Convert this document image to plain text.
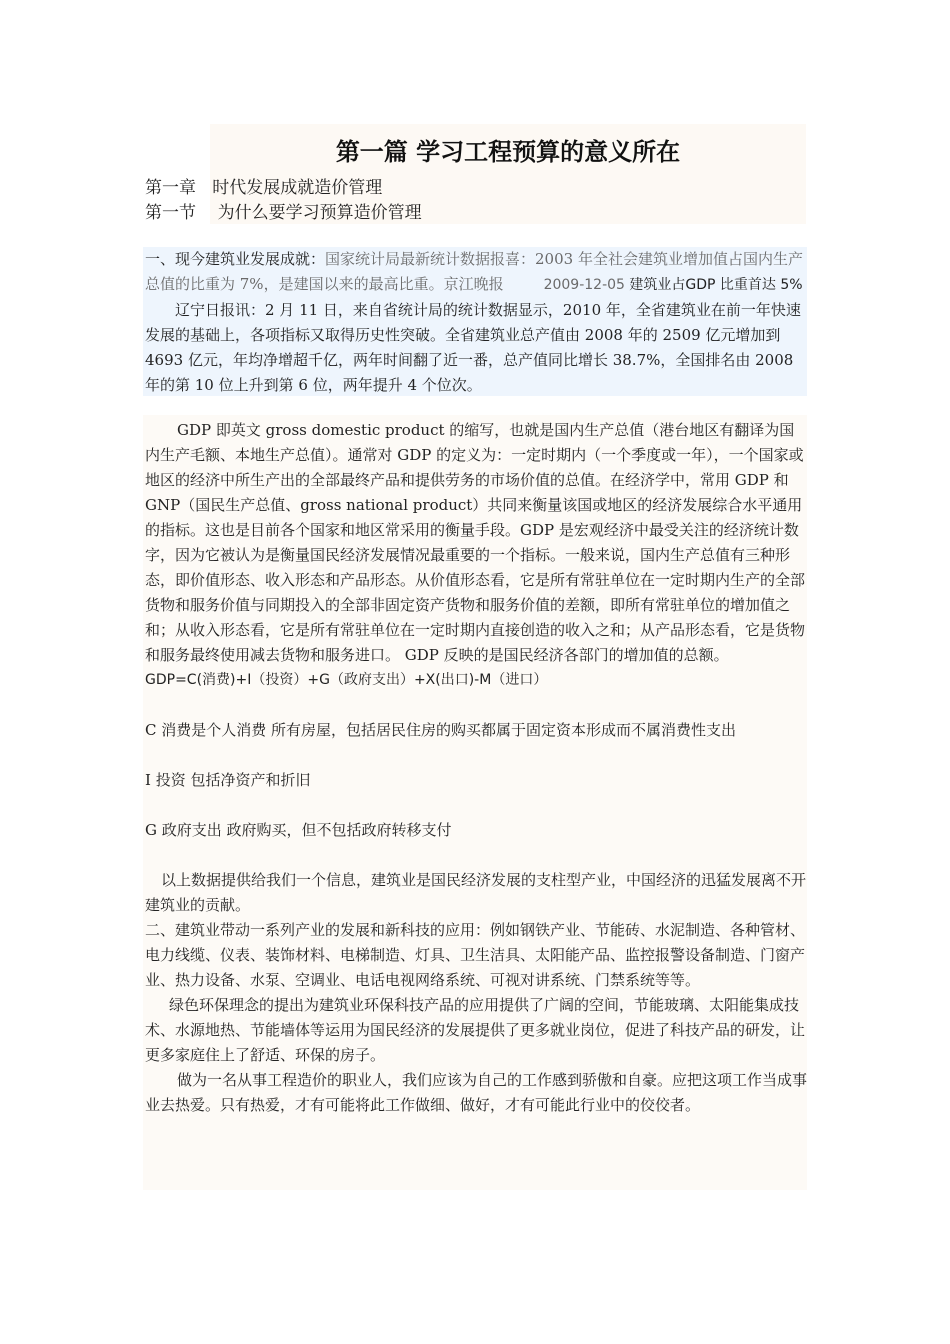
第一篇 学习工程预算的意义所在
第一章   时代发展成就造价管理
第一节    为什么要学习预算造价管理
一、现今建筑业发展成就：国家统计局最新统计数据报喜：2003 年全社会建筑业增加值占国内生产总值的比重为 7%，是建国以来的最高比重。京江晚报	2009-12-05 建筑业占GDP 比重首达 5%辽宁日报讯：2 月 11 日，来自省统计局的统计数据显示，2010 年，全省建筑业在前一年快速发展的基础上，各项指标又取得历史性突破。全省建筑业总产值由 2008 年的 2509 亿元增加到 4693 亿元，年均净增超千亿，两年时间翻了近一番，总产值同比增长 38.7%，全国排名由 2008 年的第 10 位上升到第 6 位，两年提升 4 个位次。

GDP 即英文 gross domestic product 的缩写，也就是国内生产总值（港台地区有翻译为国内生产毛额、本地生产总值）。通常对 GDP 的定义为：一定时期内（一个季度或一年），一个国家或地区的经济中所生产出的全部最终产品和提供劳务的市场价值的总值。在经济学中，常用 GDP 和 GNP（国民生产总值、gross national product）共同来衡量该国或地区的经济发展综合水平通用的指标。这也是目前各个国家和地区常采用的衡量手段。GDP 是宏观经济中最受关注的经济统计数字，因为它被认为是衡量国民经济发展情况最重要的一个指标。一般来说，国内生产总值有三种形态，即价值形态、收入形态和产品形态。从价值形态看，它是所有常驻单位在一定时期内生产的全部货物和服务价值与同期投入的全部非固定资产货物和服务价值的差额，即所有常驻单位的增加值之和；从收入形态看，它是所有常驻单位在一定时期内直接创造的收入之和；从产品形态看，它是货物和服务最终使用减去货物和服务进口。 GDP 反映的是国民经济各部门的增加值的总额。

GDP=C(消费)+I（投资）+G（政府支出）+X(出口)-M（进口）

C 消费是个人消费 所有房屋，包括居民住房的购买都属于固定资本形成而不属消费性支出

I 投资 包括净资产和折旧

G 政府支出 政府购买，但不包括政府转移支付

以上数据提供给我们一个信息，建筑业是国民经济发展的支柱型产业，中国经济的迅猛发展离不开建筑业的贡献。

二、建筑业带动一系列产业的发展和新科技的应用：例如钢铁产业、节能砖、水泥制造、各种管材、电力线缆、仪表、装饰材料、电梯制造、灯具、卫生洁具、太阳能产品、监控报警设备制造、门窗产业、热力设备、水泵、空调业、电话电视网络系统、可视对讲系统、门禁系统等等。

绿色环保理念的提出为建筑业环保科技产品的应用提供了广阔的空间，节能玻璃、太阳能集成技术、水源地热、节能墙体等运用为国民经济的发展提供了更多就业岗位，促进了科技产品的研发，让更多家庭住上了舒适、环保的房子。

做为一名从事工程造价的职业人，我们应该为自己的工作感到骄傲和自豪。应把这项工作当成事业去热爱。只有热爱，才有可能将此工作做细、做好，才有可能此行业中的佼佼者。
